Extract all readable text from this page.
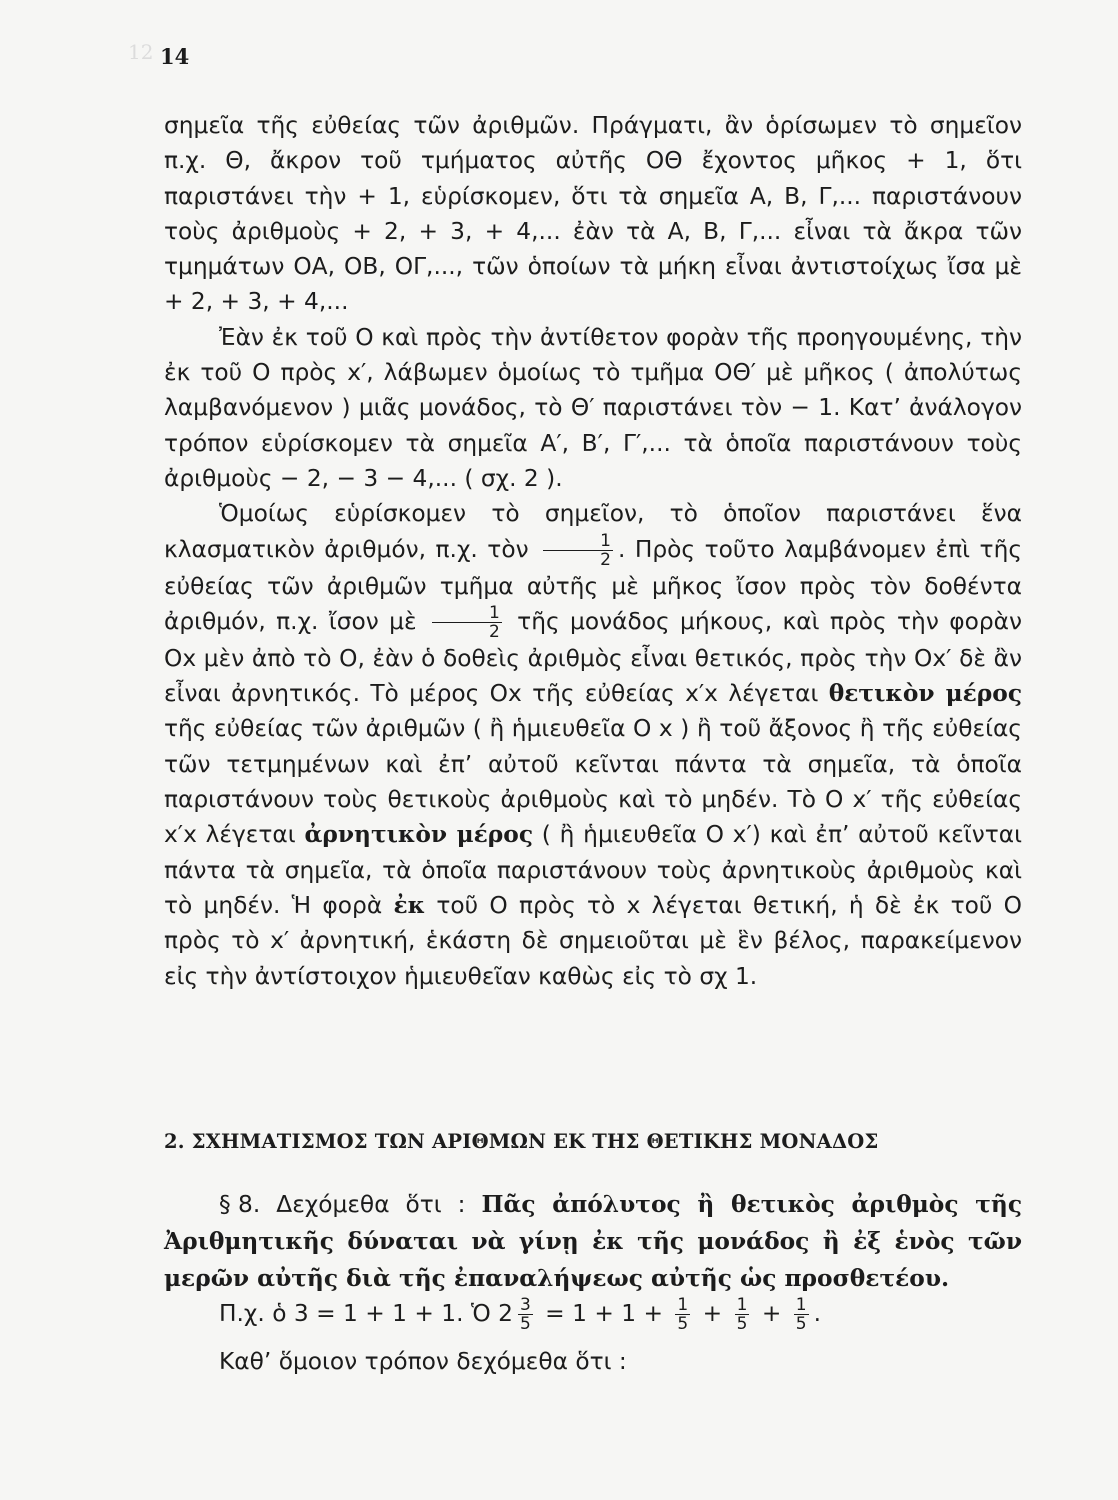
12 14

σημεῖα τῆς εὐθείας τῶν ἀριθμῶν. Πράγματι, ἂν ὁρίσωμεν τὸ σημεῖον π.χ. Θ, ἄκρον τοῦ τμήματος αὐτῆς ΟΘ ἔχοντος μῆκος + 1, ὅτι παριστάνει τὴν + 1, εὑρίσκομεν, ὅτι τὰ σημεῖα Α, Β, Γ,... παριστάνουν τοὺς ἀριθμοὺς + 2, + 3, + 4,... ἐὰν τὰ Α, Β, Γ,... εἶναι τὰ ἄκρα τῶν τμημάτων ΟΑ, ΟΒ, ΟΓ,..., τῶν ὁποίων τὰ μήκη εἶναι ἀντιστοίχως ἴσα μὲ + 2, + 3, + 4,...

Ἐὰν ἐκ τοῦ Ο καὶ πρὸς τὴν ἀντίθετον φορὰν τῆς προηγουμένης, τὴν ἐκ τοῦ Ο πρὸς x′, λάβωμεν ὁμοίως τὸ τμῆμα ΟΘ′ μὲ μῆκος ( ἀπολύτως λαμβανόμενον ) μιᾶς μονάδος, τὸ Θ′ παριστάνει τὸν − 1. Κατ’ ἀνάλογον τρόπον εὑρίσκομεν τὰ σημεῖα Α′, Β′, Γ′,... τὰ ὁποῖα παριστάνουν τοὺς ἀριθμοὺς − 2, − 3 − 4,... ( σχ. 2 ).

Ὁμοίως εὑρίσκομεν τὸ σημεῖον, τὸ ὁποῖον παριστάνει ἕνα κλασματικὸν ἀριθμόν, π.χ. τὸν $\frac{1}{2}$ . Πρὸς τοῦτο λαμβάνομεν ἐπὶ τῆς εὐθείας τῶν ἀριθμῶν τμῆμα αὐτῆς μὲ μῆκος ἴσον πρὸς τὸν δοθέντα ἀριθμόν, π.χ. ἴσον μὲ $\frac{1}{2}$ τῆς μονάδος μήκους, καὶ πρὸς τὴν φορὰν Οx μὲν ἀπὸ τὸ Ο, ἐὰν ὁ δοθεὶς ἀριθμὸς εἶναι θετικός, πρὸς τὴν Οx′ δὲ ἂν εἶναι ἀρνητικός. Τὸ μέρος Οx τῆς εὐθείας x′x λέγεται θετικὸν μέρος τῆς εὐθείας τῶν ἀριθμῶν ( ἢ ἡμιευθεῖα Ο x ) ἢ τοῦ ἄξονος ἢ τῆς εὐθείας τῶν τετμημένων καὶ ἐπ’ αὐτοῦ κεῖνται πάντα τὰ σημεῖα, τὰ ὁποῖα παριστάνουν τοὺς θετικοὺς ἀριθμοὺς καὶ τὸ μηδέν. Τὸ Ο x′ τῆς εὐθείας x′x λέγεται ἀρνητικὸν μέρος ( ἢ ἡμιευθεῖα Ο x′) καὶ ἐπ’ αὐτοῦ κεῖνται πάντα τὰ σημεῖα, τὰ ὁποῖα παριστάνουν τοὺς ἀρνητικοὺς ἀριθμοὺς καὶ τὸ μηδέν. Ἡ φορὰ ἐκ τοῦ Ο πρὸς τὸ x λέγεται θετική, ἡ δὲ ἐκ τοῦ Ο πρὸς τὸ x′ ἀρνητική, ἑκάστη δὲ σημειοῦται μὲ ἓν βέλος, παρακείμενον εἰς τὴν ἀντίστοιχον ἡμιευθεῖαν καθὼς εἰς τὸ σχ 1.

2. ΣΧΗΜΑΤΙΣΜΟΣ ΤΩΝ ΑΡΙΘΜΩΝ ΕΚ ΤΗΣ ΘΕΤΙΚΗΣ ΜΟΝΑΔΟΣ

§ 8. Δεχόμεθα ὅτι : Πᾶς ἀπόλυτος ἢ θετικὸς ἀριθμὸς τῆς Ἀριθμητικῆς δύναται νὰ γίνῃ ἐκ τῆς μονάδος ἢ ἐξ ἑνὸς τῶν μερῶν αὐτῆς διὰ τῆς ἐπαναλήψεως αὐτῆς ὡς προσθετέου.

Π.χ. ὁ 3 = 1 + 1 + 1. Ὁ $2 \frac{3}{5} = 1 + 1 + \frac{1}{5} + \frac{1}{5} + \frac{1}{5}$ .
Καθ’ ὅμοιον τρόπον δεχόμεθα ὅτι :
